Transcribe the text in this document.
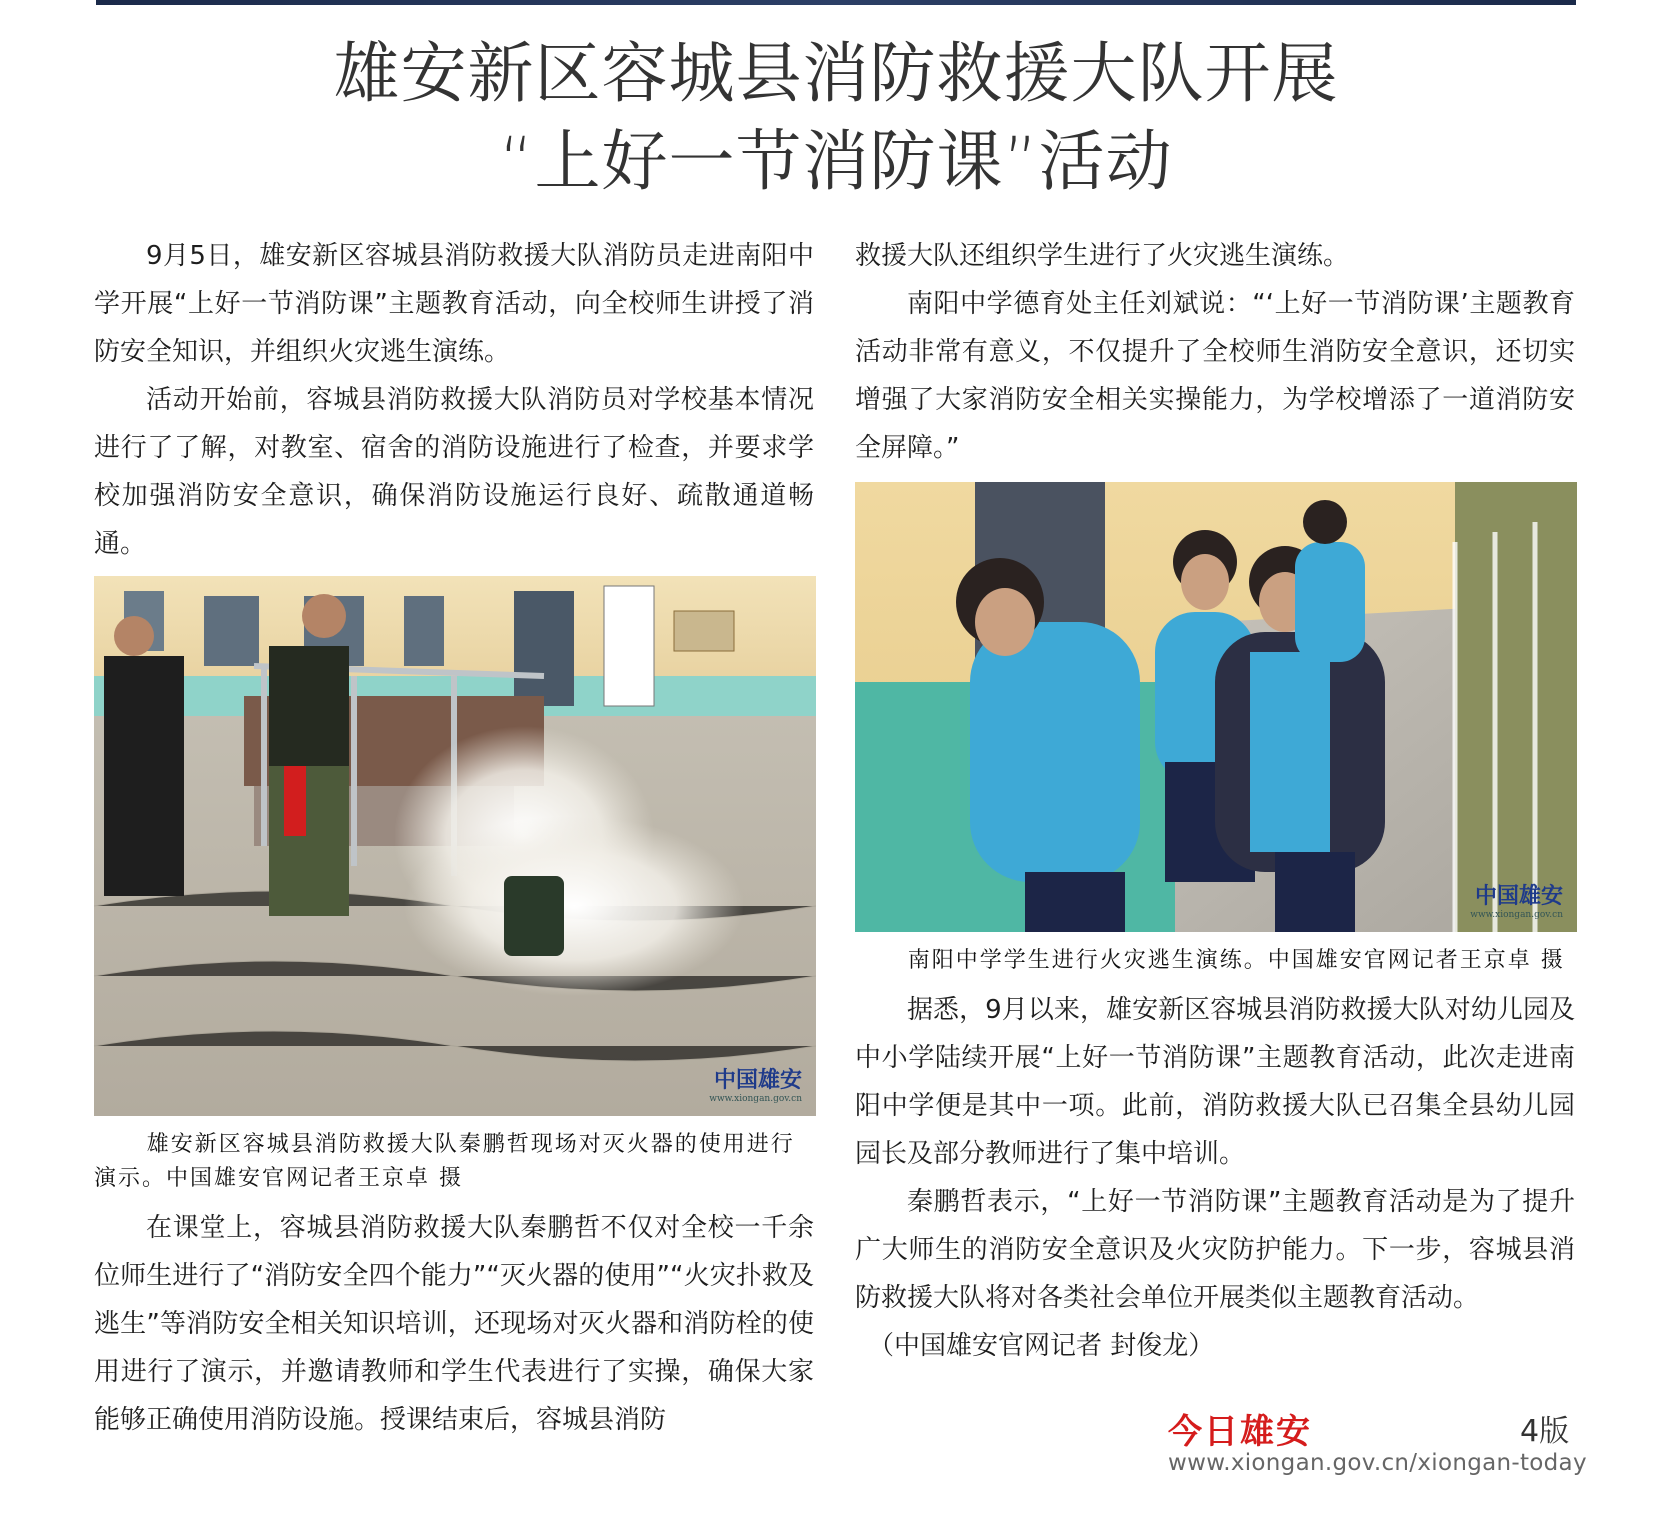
雄安新区容城县消防救援大队开展
“上好一节消防课”活动

9月5日，雄安新区容城县消防救援大队消防员走进南阳中学开展“上好一节消防课”主题教育活动，向全校师生讲授了消防安全知识，并组织火灾逃生演练。

活动开始前，容城县消防救援大队消防员对学校基本情况进行了了解，对教室、宿舍的消防设施进行了检查，并要求学校加强消防安全意识，确保消防设施运行良好、疏散通道畅通。

中国雄安
www.xiongan.gov.cn
雄安新区容城县消防救援大队秦鹏哲现场对灭火器的使用进行演示。中国雄安官网记者王京卓 摄

在课堂上，容城县消防救援大队秦鹏哲不仅对全校一千余位师生进行了“消防安全四个能力”“灭火器的使用”“火灾扑救及逃生”等消防安全相关知识培训，还现场对灭火器和消防栓的使用进行了演示，并邀请教师和学生代表进行了实操，确保大家能够正确使用消防设施。授课结束后，容城县消防

救援大队还组织学生进行了火灾逃生演练。

南阳中学德育处主任刘斌说：“‘上好一节消防课’主题教育活动非常有意义，不仅提升了全校师生消防安全意识，还切实增强了大家消防安全相关实操能力，为学校增添了一道消防安全屏障。”

中国雄安
www.xiongan.gov.cn
南阳中学学生进行火灾逃生演练。中国雄安官网记者王京卓 摄

据悉，9月以来，雄安新区容城县消防救援大队对幼儿园及中小学陆续开展“上好一节消防课”主题教育活动，此次走进南阳中学便是其中一项。此前，消防救援大队已召集全县幼儿园园长及部分教师进行了集中培训。

秦鹏哲表示，“上好一节消防课”主题教育活动是为了提升广大师生的消防安全意识及火灾防护能力。下一步，容城县消防救援大队将对各类社会单位开展类似主题教育活动。

（中国雄安官网记者 封俊龙）

今日雄安	4版
www.xiongan.gov.cn/xiongan-today
